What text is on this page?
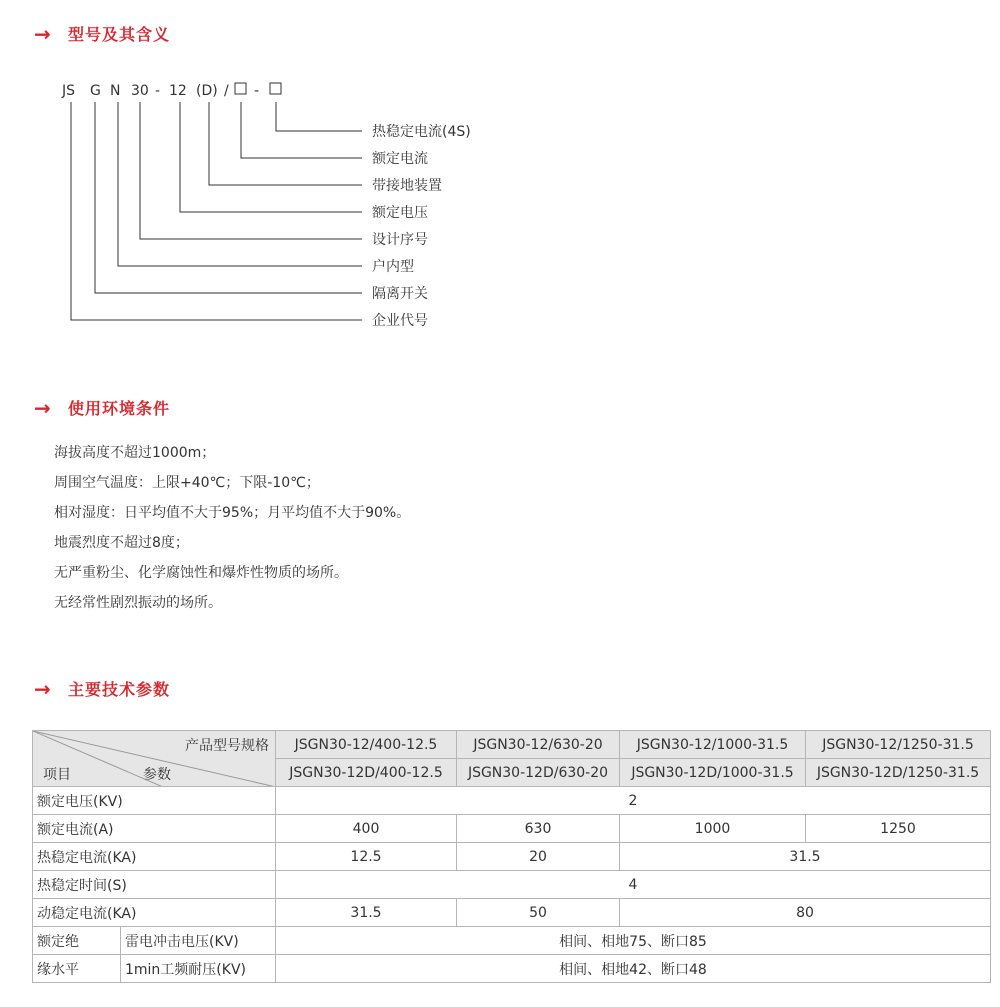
→	型号及其含义
JS G N 30 - 12 (D) / -
热稳定电流(4S)
额定电流
带接地装置
额定电压
设计序号
户内型
隔离开关
企业代号
→	使用环境条件
海拔高度不超过1000m；
周围空气温度：上限+40℃；下限-10℃；
相对湿度：日平均值不大于95%；月平均值不大于90%。
地震烈度不超过8度；
无严重粉尘、化学腐蚀性和爆炸性物质的场所。
无经常性剧烈振动的场所。
→	主要技术参数
产品型号规格
参数
项目		JSGN30-12/400-12.5	JSGN30-12/630-20	JSGN30-12/1000-31.5	JSGN30-12/1250-31.5
		JSGN30-12D/400-12.5	JSGN30-12D/630-20	JSGN30-12D/1000-31.5	JSGN30-12D/1250-31.5
额定电压(KV)		2			
额定电流(A)		400	630	1000	1250
热稳定电流(KA)		12.5	20	31.5	
热稳定时间(S)		4			
动稳定电流(KA)		31.5	50	80	
额定绝	雷电冲击电压(KV)	相间、相地75、断口85			
缘水平	1min工频耐压(KV)	相间、相地42、断口48			
